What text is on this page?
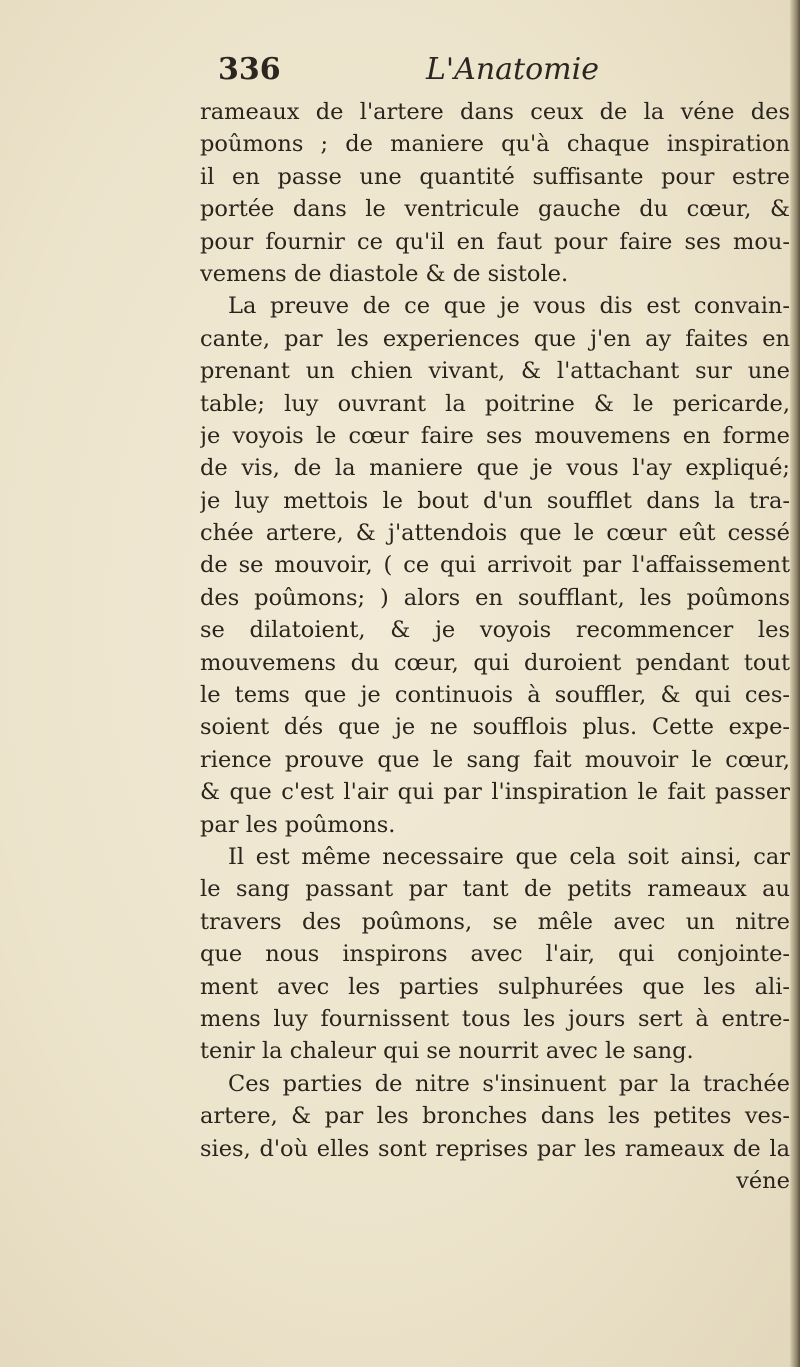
336	L'Anatomie
rameaux de l'artere dans ceux de la véne des
poûmons ; de maniere qu'à chaque inspiration
il en passe une quantité suffisante pour estre
portée dans le ventricule gauche du cœur, &
pour fournir ce qu'il en faut pour faire ses mou-
vemens de diastole & de sistole.
La preuve de ce que je vous dis est convain-
cante, par les experiences que j'en ay faites en
prenant un chien vivant, & l'attachant sur une
table; luy ouvrant la poitrine & le pericarde,
je voyois le cœur faire ses mouvemens en forme
de vis, de la maniere que je vous l'ay expliqué;
je luy mettois le bout d'un soufflet dans la tra-
chée artere, & j'attendois que le cœur eût cessé
de se mouvoir, ( ce qui arrivoit par l'affaissement
des poûmons; ) alors en soufflant, les poûmons
se dilatoient, & je voyois recommencer les
mouvemens du cœur, qui duroient pendant tout
le tems que je continuois à souffler, & qui ces-
soient dés que je ne soufflois plus. Cette expe-
rience prouve que le sang fait mouvoir le cœur,
& que c'est l'air qui par l'inspiration le fait passer
par les poûmons.
Il est même necessaire que cela soit ainsi, car
le sang passant par tant de petits rameaux au
travers des poûmons, se mêle avec un nitre
que nous inspirons avec l'air, qui conjointe-
ment avec les parties sulphurées que les ali-
mens luy fournissent tous les jours sert à entre-
tenir la chaleur qui se nourrit avec le sang.
Ces parties de nitre s'insinuent par la trachée
artere, & par les bronches dans les petites ves-
sies, d'où elles sont reprises par les rameaux de la
véne
